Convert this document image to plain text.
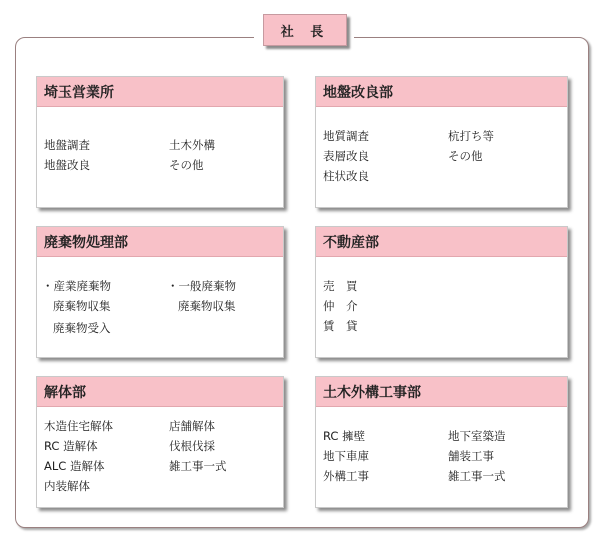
社 長
埼玉営業所
地盤調査	土木外構
地盤改良	その他
地盤改良部
地質調査	杭打ち等
表層改良	その他
柱状改良
廃棄物処理部
・産業廃棄物	・一般廃棄物
廃棄物収集	廃棄物収集
廃棄物受入
不動産部
売　買
仲　介
賃　貸
解体部
木造住宅解体	店舗解体
RC 造解体	伐根伐採
ALC 造解体	雑工事一式
内装解体
土木外構工事部
RC 擁壁	地下室築造
地下車庫	舗装工事
外構工事	雑工事一式
